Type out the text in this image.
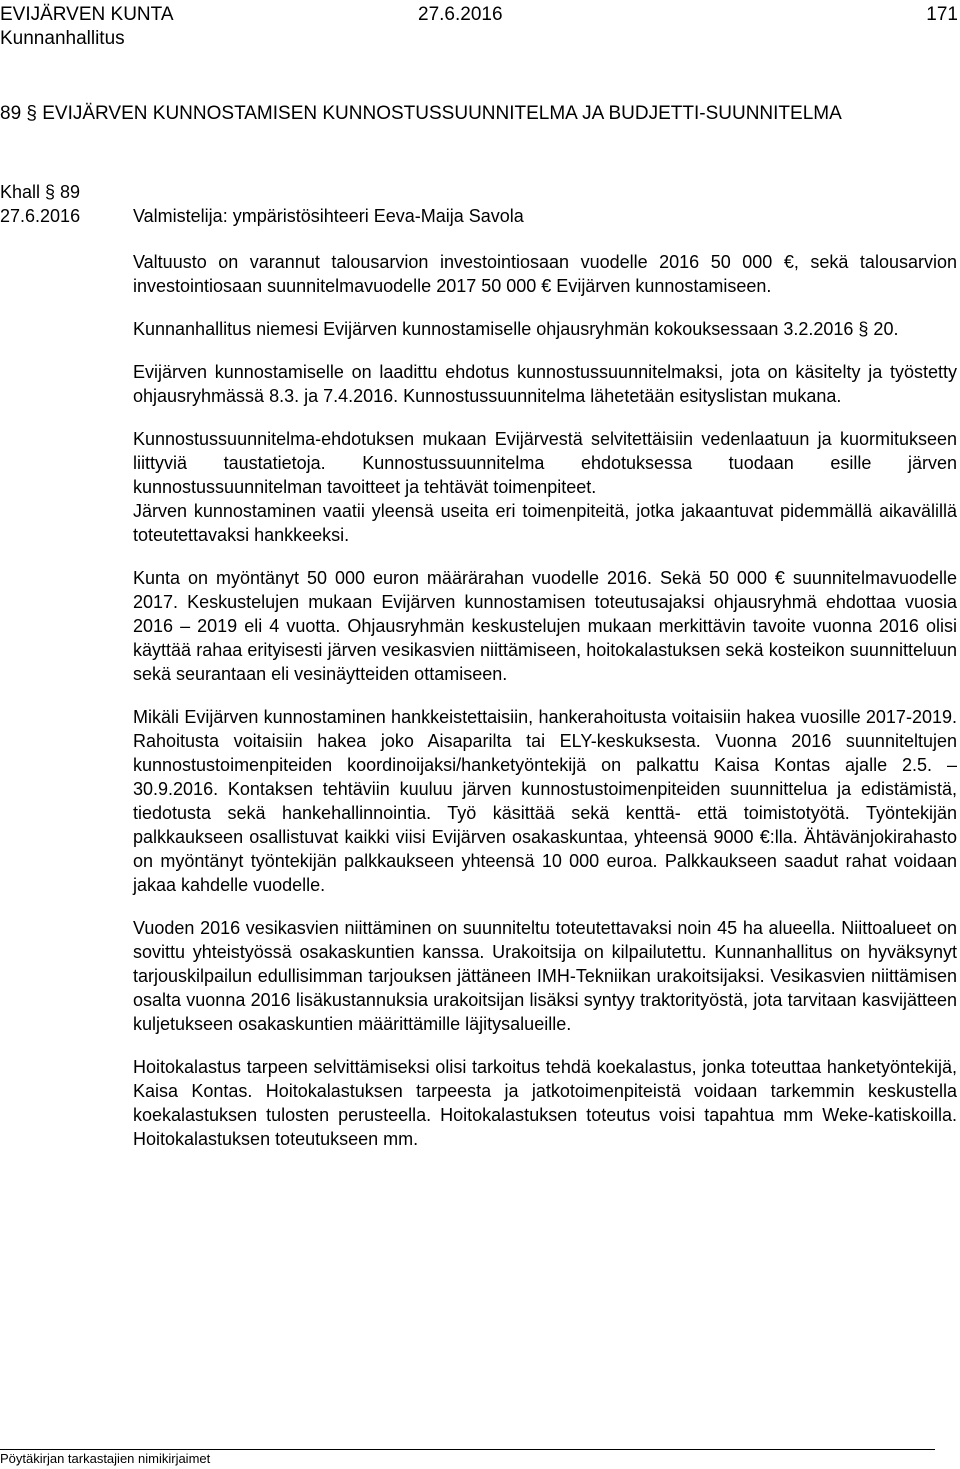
EVIJÄRVEN KUNTA	27.6.2016	171
Kunnanhallitus
89 § EVIJÄRVEN KUNNOSTAMISEN KUNNOSTUSSUUNNITELMA JA BUDJETTI-SUUNNITELMA
Khall § 89
27.6.2016	Valmistelija: ympäristösihteeri Eeva-Maija Savola

Valtuusto on varannut talousarvion investointiosaan vuodelle 2016 50 000 €, sekä talousarvion investointiosaan suunnitelmavuodelle 2017 50 000 € Evijärven kunnostamiseen.

Kunnanhallitus niemesi Evijärven kunnostamiselle ohjausryhmän kokouksessaan 3.2.2016 § 20.

Evijärven kunnostamiselle on laadittu ehdotus kunnostussuunnitelmaksi, jota on käsitelty ja työstetty ohjausryhmässä 8.3. ja 7.4.2016. Kunnostussuunnitelma lähetetään esityslistan mukana.

Kunnostussuunnitelma-ehdotuksen mukaan Evijärvestä selvitettäisiin vedenlaatuun ja kuormitukseen liittyviä taustatietoja. Kunnostussuunnitelma ehdotuksessa tuodaan esille järven kunnostussuunnitelman tavoitteet ja tehtävät toimenpiteet.

Järven kunnostaminen vaatii yleensä useita eri toimenpiteitä, jotka jakaantuvat pidemmällä aikavälillä toteutettavaksi hankkeeksi.

Kunta on myöntänyt 50 000 euron määrärahan vuodelle 2016. Sekä 50 000 € suunnitelmavuodelle 2017. Keskustelujen mukaan Evijärven kunnostamisen toteutusajaksi ohjausryhmä ehdottaa vuosia 2016 – 2019 eli 4 vuotta. Ohjausryhmän keskustelujen mukaan merkittävin tavoite vuonna 2016 olisi käyttää rahaa erityisesti järven vesikasvien niittämiseen, hoitokalastuksen sekä kosteikon suunnitteluun sekä seurantaan eli vesinäytteiden ottamiseen.

Mikäli Evijärven kunnostaminen hankkeistettaisiin, hankerahoitusta voitaisiin hakea vuosille 2017-2019. Rahoitusta voitaisiin hakea joko Aisaparilta tai ELY-keskuksesta. Vuonna 2016 suunniteltujen kunnostustoimenpiteiden koordinoijaksi/hanketyöntekijä on palkattu Kaisa Kontas ajalle 2.5. – 30.9.2016. Kontaksen tehtäviin kuuluu järven kunnostustoimenpiteiden suunnittelua ja edistämistä, tiedotusta sekä hankehallinnointia. Työ käsittää sekä kenttä- että toimistotyötä. Työntekijän palkkaukseen osallistuvat kaikki viisi Evijärven osakaskuntaa, yhteensä 9000 €:lla. Ähtävänjokirahasto on myöntänyt työntekijän palkkaukseen yhteensä 10 000 euroa. Palkkaukseen saadut rahat voidaan jakaa kahdelle vuodelle.

Vuoden 2016 vesikasvien niittäminen on suunniteltu toteutettavaksi noin 45 ha alueella. Niittoalueet on sovittu yhteistyössä osakaskuntien kanssa. Urakoitsija on kilpailutettu. Kunnanhallitus on hyväksynyt tarjouskilpailun edullisimman tarjouksen jättäneen IMH-Tekniikan urakoitsijaksi. Vesikasvien niittämisen osalta vuonna 2016 lisäkustannuksia urakoitsijan lisäksi syntyy traktorityöstä, jota tarvitaan kasvijätteen kuljetukseen osakaskuntien määrittämille läjitysalueille.

Hoitokalastus tarpeen selvittämiseksi olisi tarkoitus tehdä koekalastus, jonka toteuttaa hanketyöntekijä, Kaisa Kontas. Hoitokalastuksen tarpeesta ja jatkotoimenpiteistä voidaan tarkemmin keskustella koekalastuksen tulosten perusteella. Hoitokalastuksen toteutus voisi tapahtua mm Weke-katiskoilla. Hoitokalastuksen toteutukseen mm.

Pöytäkirjan tarkastajien nimikirjaimet
